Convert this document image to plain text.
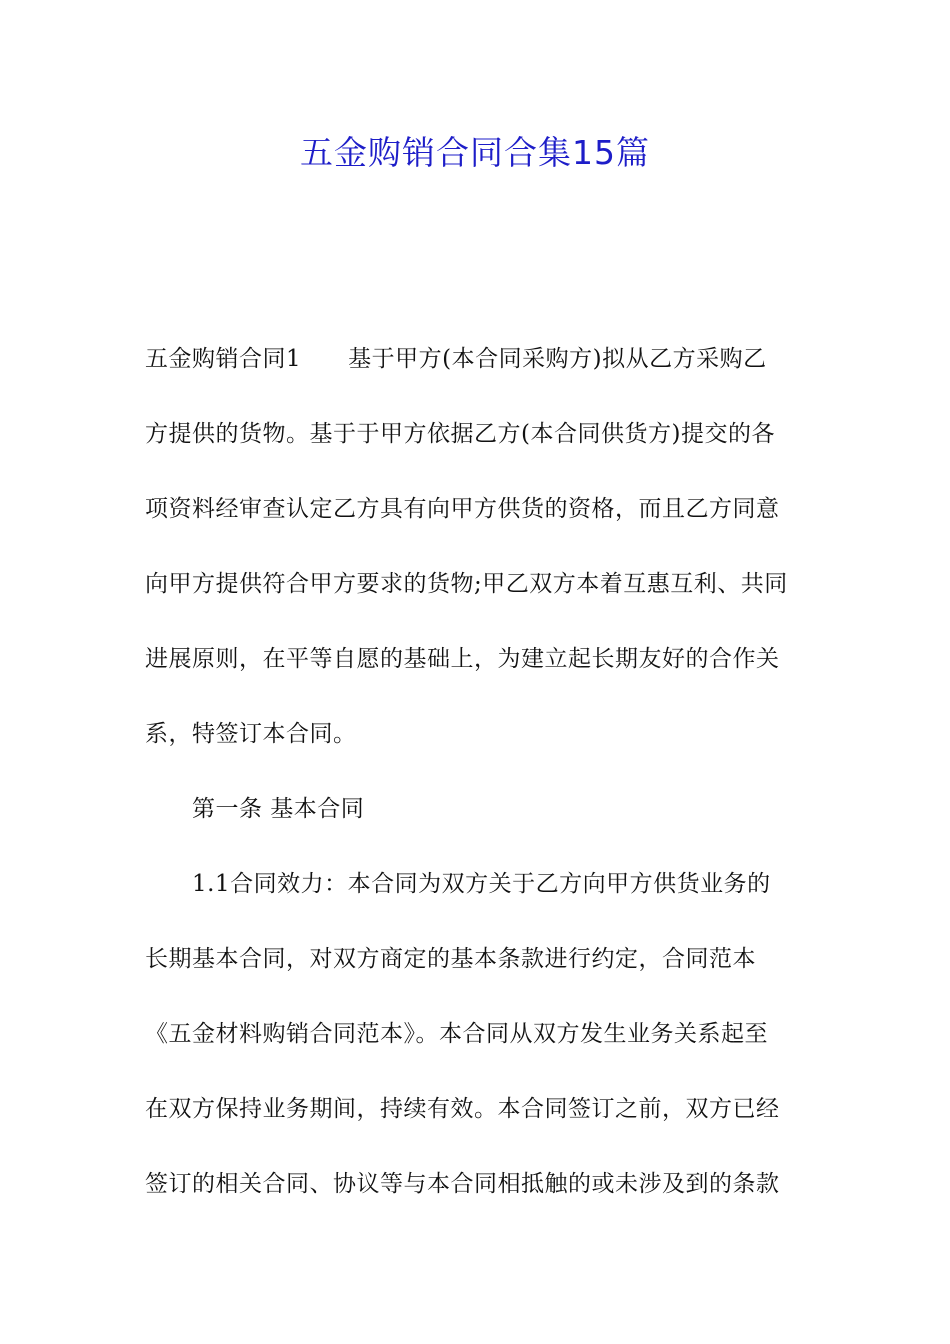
五金购销合同合集15篇
五金购销合同1　　基于甲方(本合同采购方)拟从乙方采购乙
方提供的货物。基于于甲方依据乙方(本合同供货方)提交的各
项资料经审查认定乙方具有向甲方供货的资格，而且乙方同意
向甲方提供符合甲方要求的货物;甲乙双方本着互惠互利、共同
进展原则，在平等自愿的基础上，为建立起长期友好的合作关
系，特签订本合同。
第一条 基本合同
1.1合同效力：本合同为双方关于乙方向甲方供货业务的
长期基本合同，对双方商定的基本条款进行约定，合同范本
《五金材料购销合同范本》。本合同从双方发生业务关系起至
在双方保持业务期间，持续有效。本合同签订之前，双方已经
签订的相关合同、协议等与本合同相抵触的或未涉及到的条款
